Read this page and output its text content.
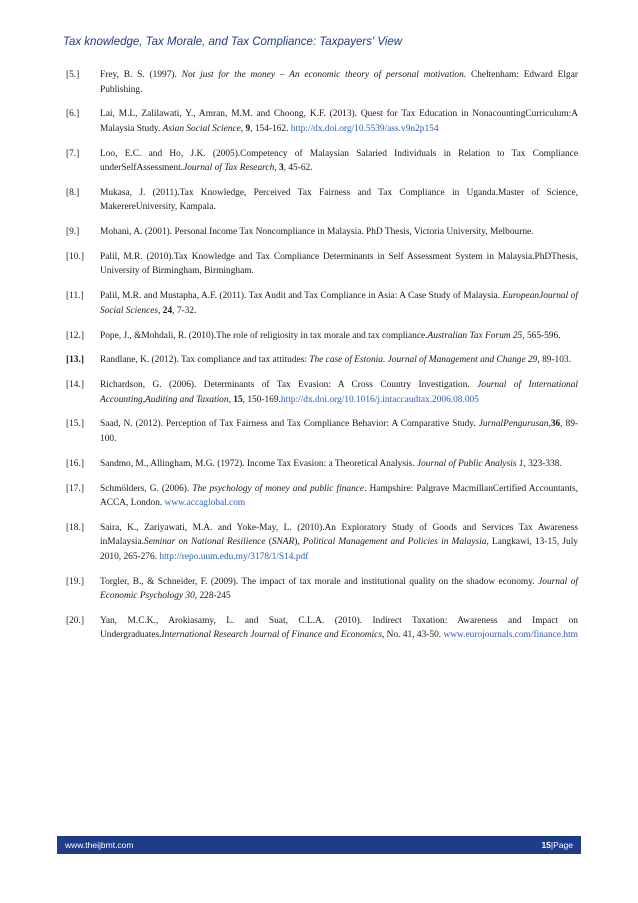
Tax knowledge, Tax Morale, and Tax Compliance: Taxpayers' View
[5.]	Frey, B. S. (1997). Not just for the money – An economic theory of personal motivation. Cheltenham: Edward Elgar Publishing.
[6.]	Lai, M.L, Zalilawati, Y., Amran, M.M. and Choong, K.F. (2013). Quest for Tax Education in NonacountingCurriculum:A Malaysia Study. Asian Social Science, 9, 154-162. http://dx.doi.org/10.5539/ass.v9n2p154
[7.]	Loo, E.C. and Ho, J.K. (2005).Competency of Malaysian Salaried Individuals in Relation to Tax Compliance underSelfAssessment.Journal of Tax Research, 3, 45-62.
[8.]	Mukasa, J. (2011).Tax Knowledge, Perceived Tax Fairness and Tax Compliance in Uganda.Master of Science, MakerereUniversity, Kampala.
[9.]	Mohani, A. (2001). Personal Income Tax Noncompliance in Malaysia. PhD Thesis, Victoria University, Melbourne.
[10.]	Palil, M.R. (2010).Tax Knowledge and Tax Compliance Determinants in Self Assessment System in Malaysia.PhDThesis, University of Birmingham, Birmingham.
[11.]	Palil, M.R. and Mustapha, A.F. (2011). Tax Audit and Tax Compliance in Asia: A Case Study of Malaysia. EuropeanJournal of Social Sciences, 24, 7-32.
[12.]	Pope, J., &Mohdali, R. (2010).The role of religiosity in tax morale and tax compliance.Australian Tax Forum 25, 565-596.
[13.]	Randlane, K. (2012). Tax compliance and tax attitudes: The case of Estonia. Journal of Management and Change 29, 89-103.
[14.]	Richardson, G. (2006). Determinants of Tax Evasion: A Cross Country Investigation. Journal of International Accounting,Auditing and Taxation, 15, 150-169.http://dx.doi.org/10.1016/j.intaccaudtax.2006.08.005
[15.]	Saad, N. (2012). Perception of Tax Fairness and Tax Compliance Behavior: A Comparative Study. JurnalPengurusan,36, 89-100.
[16.]	Sandmo, M., Allingham, M.G. (1972). Income Tax Evasion: a Theoretical Analysis. Journal of Public Analysis 1, 323-338.
[17.]	Schmölders, G. (2006). The psychology of money and public finance. Hampshire: Palgrave MacmillanCertified Accountants, ACCA, London. www.accaglobal.com
[18.]	Saira, K., Zariyawati, M.A. and Yoke-May, L. (2010).An Exploratory Study of Goods and Services Tax Awareness inMalaysia.Seminar on National Resilience (SNAR), Political Management and Policies in Malaysia, Langkawi, 13-15, July 2010, 265-276. http://repo.uum.edu.my/3178/1/S14.pdf
[19.]	Torgler, B., & Schneider, F. (2009). The impact of tax morale and institutional quality on the shadow economy. Journal of Economic Psychology 30, 228-245
[20.]	Yan, M.C.K., Arokiasamy, L. and Suat, C.L.A. (2010). Indirect Taxation: Awareness and Impact on Undergraduates.International Research Journal of Finance and Economics, No. 41, 43-50. www.eurojournals.com/finance.htm
www.theijbmt.com	15|Page
